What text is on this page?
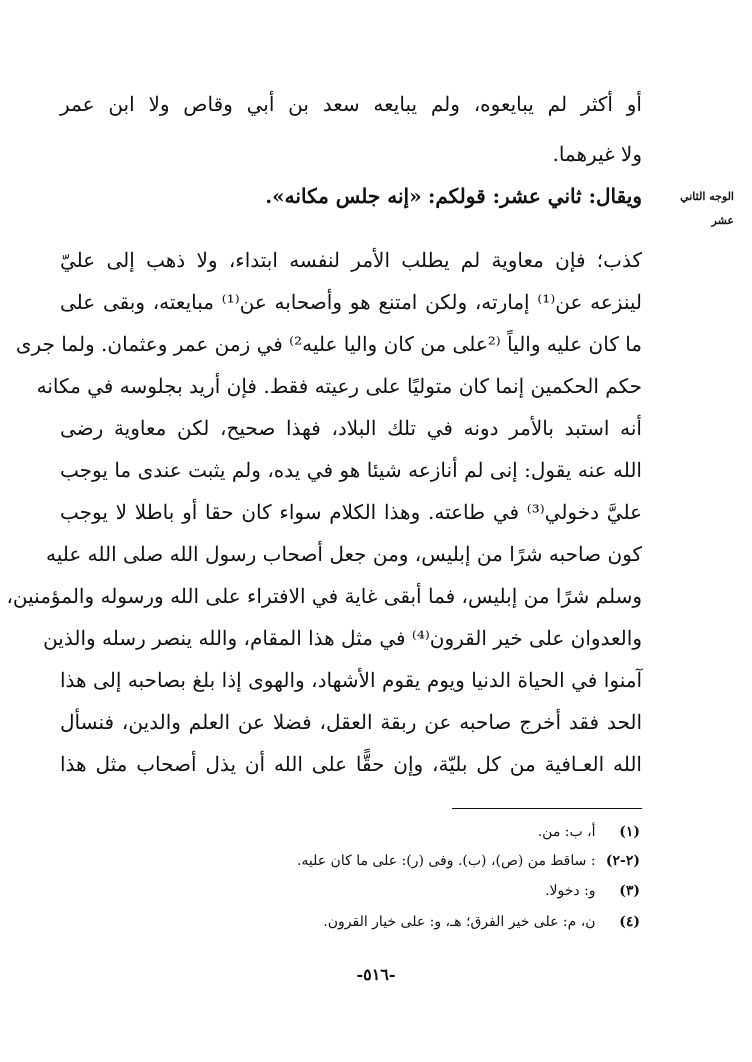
أو أكثر لم يبايعوه، ولم يبايعه سعد بن أبي وقاص ولا ابن عمر
ولا غيرهما.
الوجه الثاني
عشر
ويقال: ثاني عشر: قولكم: «إنه جلس مكانه».
كذب؛ فإن معاوية لم يطلب الأمر لنفسه ابتداء، ولا ذهب إلى عليّ
لينزعه عن⁽¹⁾ إمارته، ولكن امتنع هو وأصحابه عن⁽¹⁾ مبايعته، وبقى على
ما كان عليه والياً ⁽²على من كان واليا عليه²⁾ في زمن عمر وعثمان. ولما جرى
حكم الحكمين إنما كان متوليًا على رعيته فقط. فإن أريد بجلوسه في مكانه
أنه استبد بالأمر دونه في تلك البلاد، فهذا صحيح، لكن معاوية رضى
الله عنه يقول: إنى لم أنازعه شيئا هو في يده، ولم يثبت عندى ما يوجب
عليَّ دخولي⁽³⁾ في طاعته. وهذا الكلام سواء كان حقا أو باطلا لا يوجب
كون صاحبه شرًا من إبليس، ومن جعل أصحاب رسول الله صلى الله عليه
وسلم شرًا من إبليس، فما أبقى غاية في الافتراء على الله ورسوله والمؤمنين،
والعدوان على خير القرون⁽⁴⁾ في مثل هذا المقام، والله ينصر رسله والذين
آمنوا في الحياة الدنيا ويوم يقوم الأشهاد، والهوى إذا بلغ بصاحبه إلى هذا
الحد فقد أخرج صاحبه عن ربقة العقل، فضلا عن العلم والدين، فنسأل
الله العـافية من كل بليّة، وإن حقًّا على الله أن يذل أصحاب مثل هذا
(١) أ، ب: من.
(٢-٢) : ساقط من (ص)، (ب). وفى (ر): على ما كان عليه.
(٣) و: دخولا.
(٤) ن، م: على خير الفرق؛ هـ، و: على خيار القرون.
-٥١٦-
